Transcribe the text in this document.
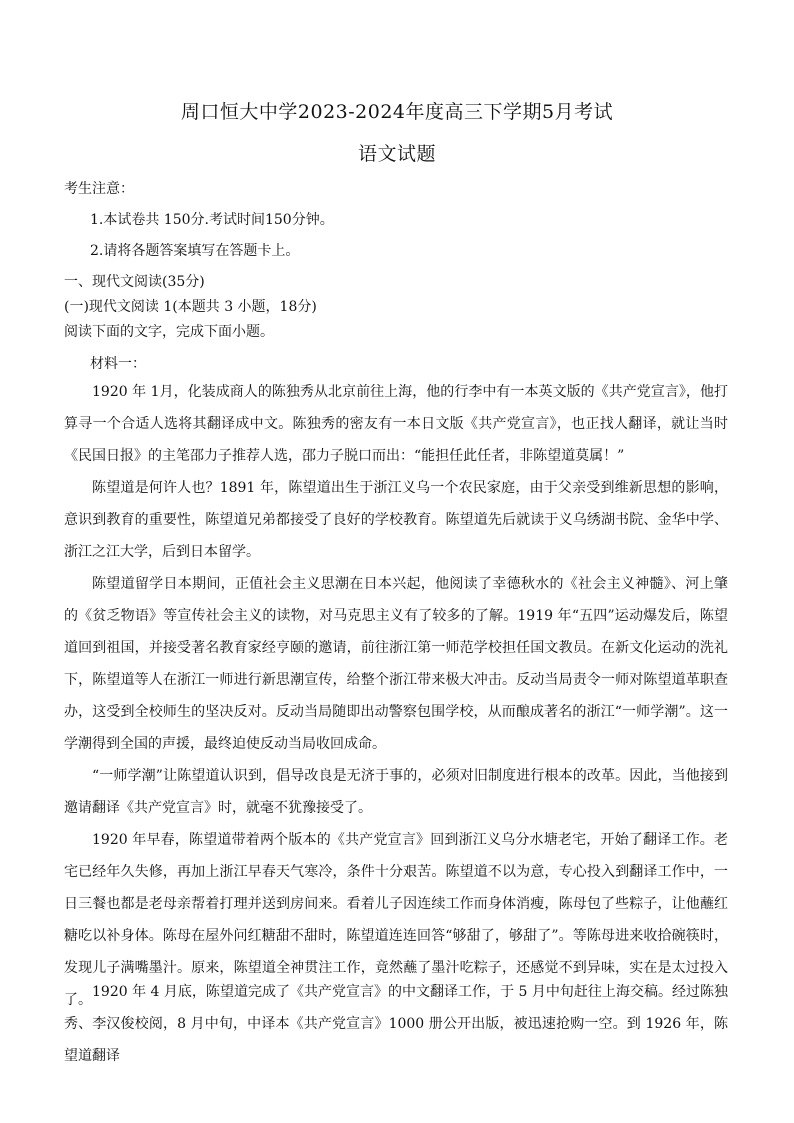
周口恒大中学2023-2024年度高三下学期5月考试
语文试题
考生注意：
1.本试卷共 150分.考试时间150分钟。
2.请将各题答案填写在答题卡上。
一、现代文阅读(35分)
(一)现代文阅读 1(本题共 3 小题，18分)
阅读下面的文字，完成下面小题。
材料一：
1920 年 1月，化装成商人的陈独秀从北京前往上海，他的行李中有一本英文版的《共产党宣言》，他打算寻一个合适人选将其翻译成中文。陈独秀的密友有一本日文版《共产党宣言》，也正找人翻译，就让当时《民国日报》的主笔邵力子推荐人选，邵力子脱口而出：“能担任此任者，非陈望道莫属！”
陈望道是何许人也？1891 年，陈望道出生于浙江义乌一个农民家庭，由于父亲受到维新思想的影响，意识到教育的重要性，陈望道兄弟都接受了良好的学校教育。陈望道先后就读于义乌绣湖书院、金华中学、浙江之江大学，后到日本留学。
陈望道留学日本期间，正值社会主义思潮在日本兴起，他阅读了幸德秋水的《社会主义神髓》、河上肇的《贫乏物语》等宣传社会主义的读物，对马克思主义有了较多的了解。1919 年“五四”运动爆发后，陈望道回到祖国，并接受著名教育家经亨颐的邀请，前往浙江第一师范学校担任国文教员。在新文化运动的洗礼下，陈望道等人在浙江一师进行新思潮宣传，给整个浙江带来极大冲击。反动当局责令一师对陈望道革职查办，这受到全校师生的坚决反对。反动当局随即出动警察包围学校，从而酿成著名的浙江“一师学潮”。这一学潮得到全国的声援，最终迫使反动当局收回成命。
“一师学潮”让陈望道认识到，倡导改良是无济于事的，必须对旧制度进行根本的改革。因此，当他接到邀请翻译《共产党宣言》时，就毫不犹豫接受了。
1920 年早春，陈望道带着两个版本的《共产党宣言》回到浙江义乌分水塘老宅，开始了翻译工作。老宅已经年久失修，再加上浙江早春天气寒冷，条件十分艰苦。陈望道不以为意，专心投入到翻译工作中，一日三餐也都是老母亲帮着打理并送到房间来。看着儿子因连续工作而身体消瘦，陈母包了些粽子，让他蘸红糖吃以补身体。陈母在屋外问红糖甜不甜时，陈望道连连回答“够甜了，够甜了”。等陈母进来收拾碗筷时，发现儿子满嘴墨汁。原来，陈望道全神贯注工作，竟然蘸了墨汁吃粽子，还感觉不到异味，实在是太过投入了。 1920 年 4 月底，陈望道完成了《共产党宣言》的中文翻译工作，于 5 月中旬赶往上海交稿。经过陈独秀、李汉俊校阅，8 月中旬，中译本《共产党宣言》1000 册公开出版，被迅速抢购一空。到 1926 年，陈望道翻译
